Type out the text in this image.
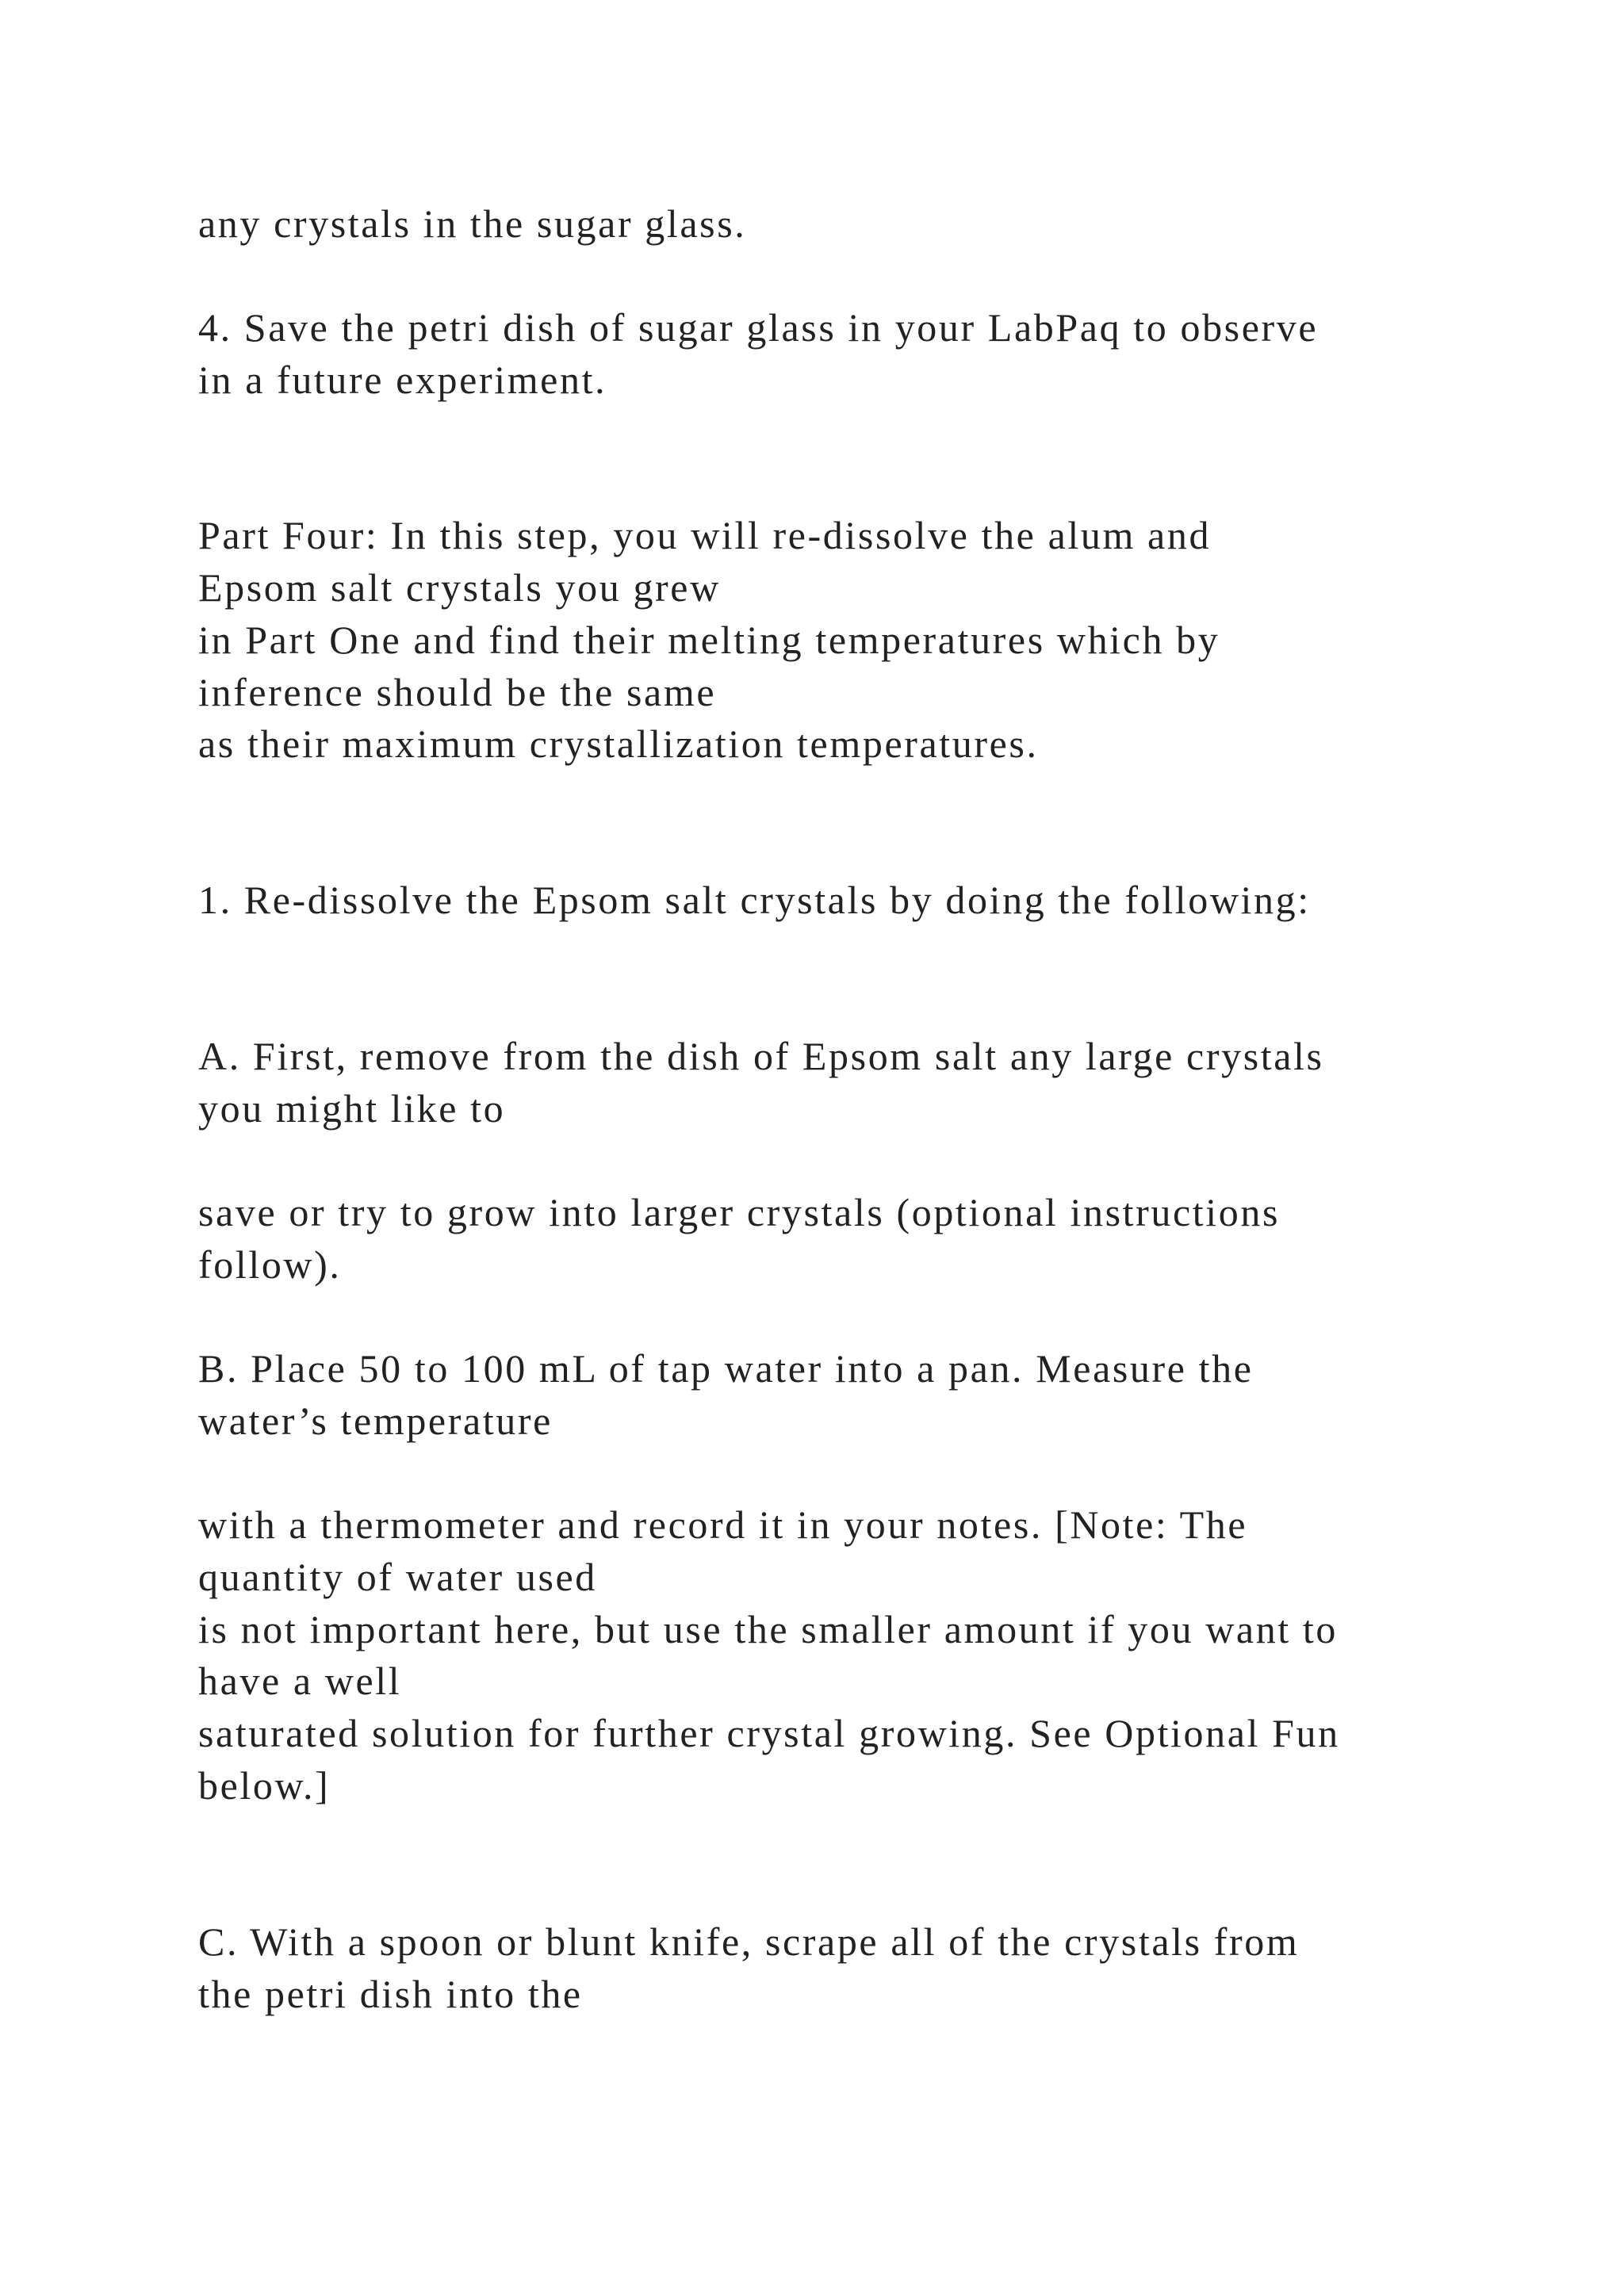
any crystals in the sugar glass.

4. Save the petri dish of sugar glass in your LabPaq to observe

in a future experiment.

Part Four: In this step, you will re-dissolve the alum and

Epsom salt crystals you grew

in Part One and find their melting temperatures which by

inference should be the same

as their maximum crystallization temperatures.

1. Re-dissolve the Epsom salt crystals by doing the following:

A. First, remove from the dish of Epsom salt any large crystals

you might like to

save or try to grow into larger crystals (optional instructions

follow).

B. Place 50 to 100 mL of tap water into a pan. Measure the

water’s temperature

with a thermometer and record it in your notes. [Note: The

quantity of water used

is not important here, but use the smaller amount if you want to

have a well

saturated solution for further crystal growing. See Optional Fun

below.]

C. With a spoon or blunt knife, scrape all of the crystals from

the petri dish into the
